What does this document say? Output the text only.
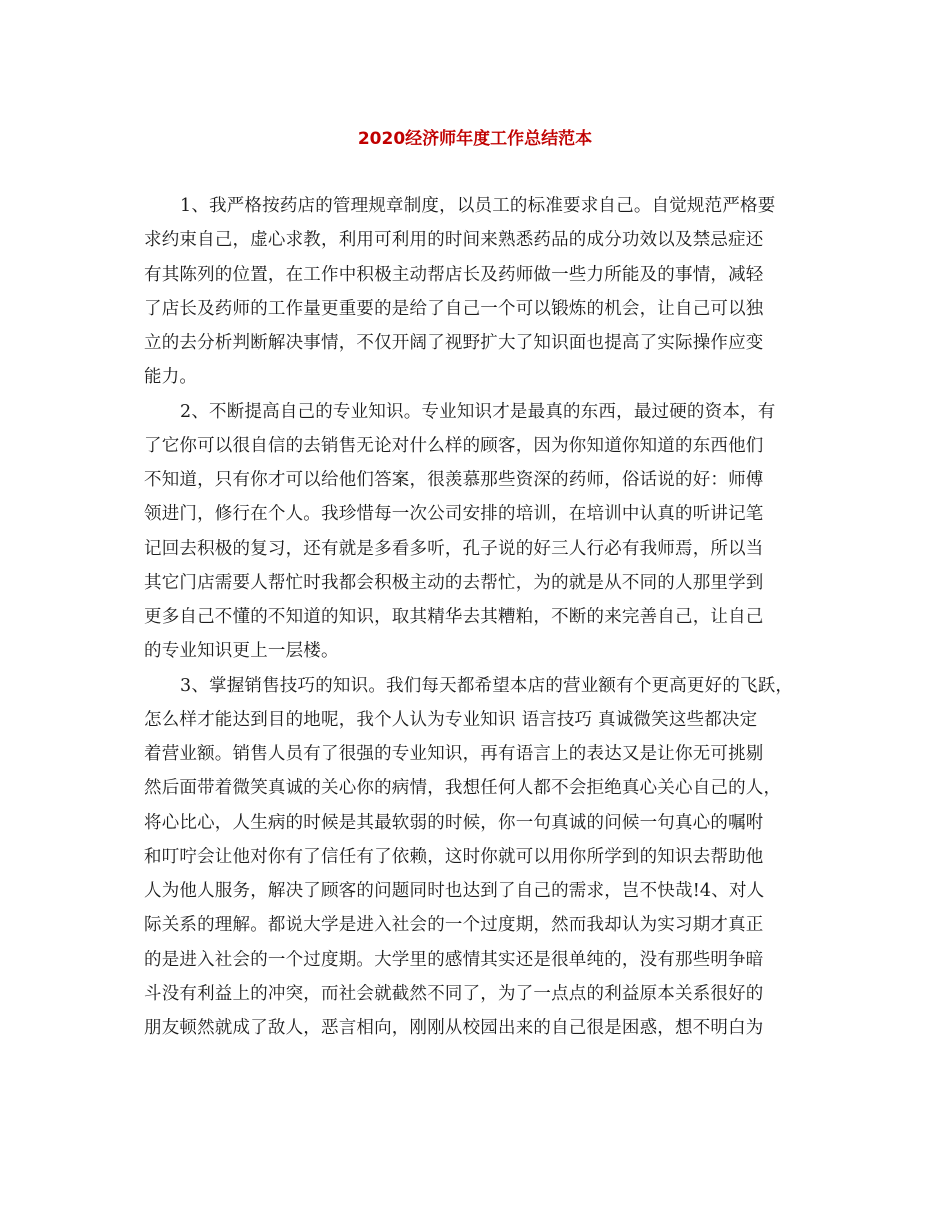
2020经济师年度工作总结范本
1、我严格按药店的管理规章制度，以员工的标准要求自己。自觉规范严格要
求约束自己，虚心求教，利用可利用的时间来熟悉药品的成分功效以及禁忌症还
有其陈列的位置，在工作中积极主动帮店长及药师做一些力所能及的事情，减轻
了店长及药师的工作量更重要的是给了自己一个可以锻炼的机会，让自己可以独
立的去分析判断解决事情，不仅开阔了视野扩大了知识面也提高了实际操作应变
能力。
2、不断提高自己的专业知识。专业知识才是最真的东西，最过硬的资本，有
了它你可以很自信的去销售无论对什么样的顾客，因为你知道你知道的东西他们
不知道，只有你才可以给他们答案，很羡慕那些资深的药师，俗话说的好：师傅
领进门，修行在个人。我珍惜每一次公司安排的培训，在培训中认真的听讲记笔
记回去积极的复习，还有就是多看多听，孔子说的好三人行必有我师焉，所以当
其它门店需要人帮忙时我都会积极主动的去帮忙，为的就是从不同的人那里学到
更多自己不懂的不知道的知识，取其精华去其糟粕，不断的来完善自己，让自己
的专业知识更上一层楼。
3、掌握销售技巧的知识。我们每天都希望本店的营业额有个更高更好的飞跃，
怎么样才能达到目的地呢，我个人认为专业知识 语言技巧 真诚微笑这些都决定
着营业额。销售人员有了很强的专业知识，再有语言上的表达又是让你无可挑剔
然后面带着微笑真诚的关心你的病情，我想任何人都不会拒绝真心关心自己的人，
将心比心，人生病的时候是其最软弱的时候，你一句真诚的问候一句真心的嘱咐
和叮咛会让他对你有了信任有了依赖，这时你就可以用你所学到的知识去帮助他
人为他人服务，解决了顾客的问题同时也达到了自己的需求，岂不快哉!4、对人
际关系的理解。都说大学是进入社会的一个过度期，然而我却认为实习期才真正
的是进入社会的一个过度期。大学里的感情其实还是很单纯的，没有那些明争暗
斗没有利益上的冲突，而社会就截然不同了，为了一点点的利益原本关系很好的
朋友顿然就成了敌人，恶言相向，刚刚从校园出来的自己很是困惑，想不明白为
